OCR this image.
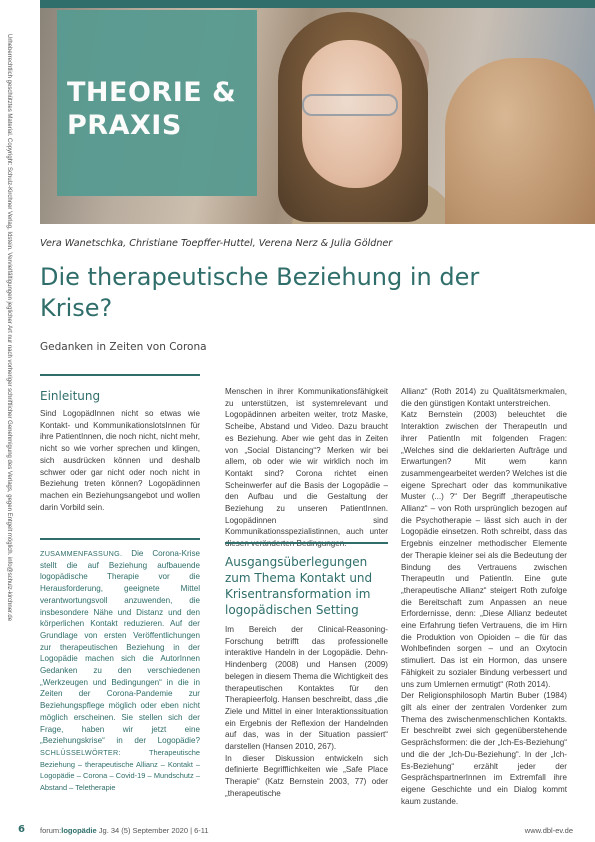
THEORIE & PRAXIS
Urheberrechtlich geschütztes Material. Copyright: Schulz-Kirchner Verlag, Idstein. Vervielfältigungen jeglicher Art nur nach vorheriger schriftlicher Genehmigung des Verlags, gegen Entgelt möglich. info@schulz-kirchner.de	Vera Wanetschka, Christiane Toepffer-Huttel, Verena Nerz & Julia Göldner
Die therapeutische Beziehung in der Krise?
Gedanken in Zeiten von Corona
Einleitung

Sind LogopädInnen nicht so etwas wie Kontakt- und KommunikationslotsInnen für ihre PatientInnen, die noch nicht, nicht mehr, nicht so wie vorher sprechen und klingen, sich ausdrücken können und deshalb schwer oder gar nicht oder noch nicht in Beziehung treten können? Logopädinnen machen ein Beziehungsangebot und wollen darin Vorbild sein.

ZUSAMMENFASSUNG. Die Corona-Krise stellt die auf Beziehung aufbauende logopädische Therapie vor die Herausforderung, geeignete Mittel verantwortungsvoll anzuwenden, die insbesondere Nähe und Distanz und den körperlichen Kontakt reduzieren. Auf der Grundlage von ersten Veröffentlichungen zur therapeutischen Beziehung in der Logopädie machen sich die AutorInnen Gedanken zu den verschiedenen „Werkzeugen und Bedingungen“ in die in Zeiten der Corona-Pandemie zur Beziehungspflege möglich oder eben nicht möglich erscheinen. Sie stellen sich der Frage, haben wir jetzt eine „Beziehungskrise“ in der Logopädie? SCHLÜSSELWÖRTER:	Therapeutische Beziehung – therapeutische Allianz – Kontakt – Logopädie – Corona – Covid-19 – Mundschutz – Abstand – Teletherapie

Menschen in ihrer Kommunikationsfähigkeit zu unterstützen, ist systemrelevant und Logopädinnen arbeiten weiter, trotz Maske, Scheibe, Abstand und Video. Dazu braucht es Beziehung. Aber wie geht das in Zeiten von „Social Distancing“? Merken wir bei allem, ob oder wie wir wirklich noch im Kontakt sind? Corona richtet einen Scheinwerfer auf die Basis der Logopädie – den Aufbau und die Gestaltung der Beziehung zu unseren PatientInnen. Logopädinnen sind Kommunikationsspezialistinnen, auch unter diesen veränderten Bedingungen.

Ausgangsüberlegungen zum Thema Kontakt und Krisentransformation im logopädischen Setting

Im Bereich der Clinical-Reasoning-Forschung betrifft das professionelle interaktive Handeln in der Logopädie. Dehn-Hindenberg (2008) und Hansen (2009) belegen in diesem Thema die Wichtigkeit des therapeutischen Kontaktes für den Therapieerfolg. Hansen beschreibt, dass „die Ziele und Mittel in einer Interaktionssituation ein Ergebnis der Reflexion der Handelnden auf das, was in der Situation passiert“ darstellen (Hansen 2010, 267).

In dieser Diskussion entwickeln sich definierte Begrifflichkeiten wie „Safe Place Therapie“ (Katz Bernstein 2003, 77) oder „therapeutische

Allianz“ (Roth 2014) zu Qualitätsmerkmalen, die den günstigen Kontakt unterstreichen.

Katz Bernstein (2003) beleuchtet die Interaktion zwischen der TherapeutIn und ihrer PatientIn mit folgenden Fragen: „Welches sind die deklarierten Aufträge und Erwartungen? Mit wem kann zusammengearbeitet werden? Welches ist die eigene Sprechart oder das kommunikative Muster (...) ?“ Der Begriff „therapeutische Allianz“ – von Roth ursprünglich bezogen auf die Psychotherapie – lässt sich auch in der Logopädie einsetzen. Roth schreibt, dass das Ergebnis einzelner methodischer Elemente der Therapie kleiner sei als die Bedeutung der Bindung des Vertrauens zwischen TherapeutIn und PatientIn. Eine gute „therapeutische Allianz“ steigert Roth zufolge die Bereitschaft zum Anpassen an neue Erfordernisse, denn: „Diese Allianz bedeutet eine Erfahrung tiefen Vertrauens, die im Hirn die Produktion von Opioiden – die für das Wohlbefinden sorgen – und an Oxytocin stimuliert. Das ist ein Hormon, das unsere Fähigkeit zu sozialer Bindung verbessert und uns zum Umlernen ermutigt“ (Roth 2014).

Der Religionsphilosoph Martin Buber (1984) gilt als einer der zentralen Vordenker zum Thema des zwischenmenschlichen Kontakts. Er beschreibt zwei sich gegenüberstehende Gesprächsformen: die der „Ich-Es-Beziehung“ und die der „Ich-Du-Beziehung“. In der „Ich-Es-Beziehung“ erzählt jeder der GesprächspartnerInnen im Extremfall ihre eigene Geschichte und ein Dialog kommt kaum zustande.

6 forum:logopädie Jg. 34 (5) September 2020 | 6-11	www.dbl-ev.de
